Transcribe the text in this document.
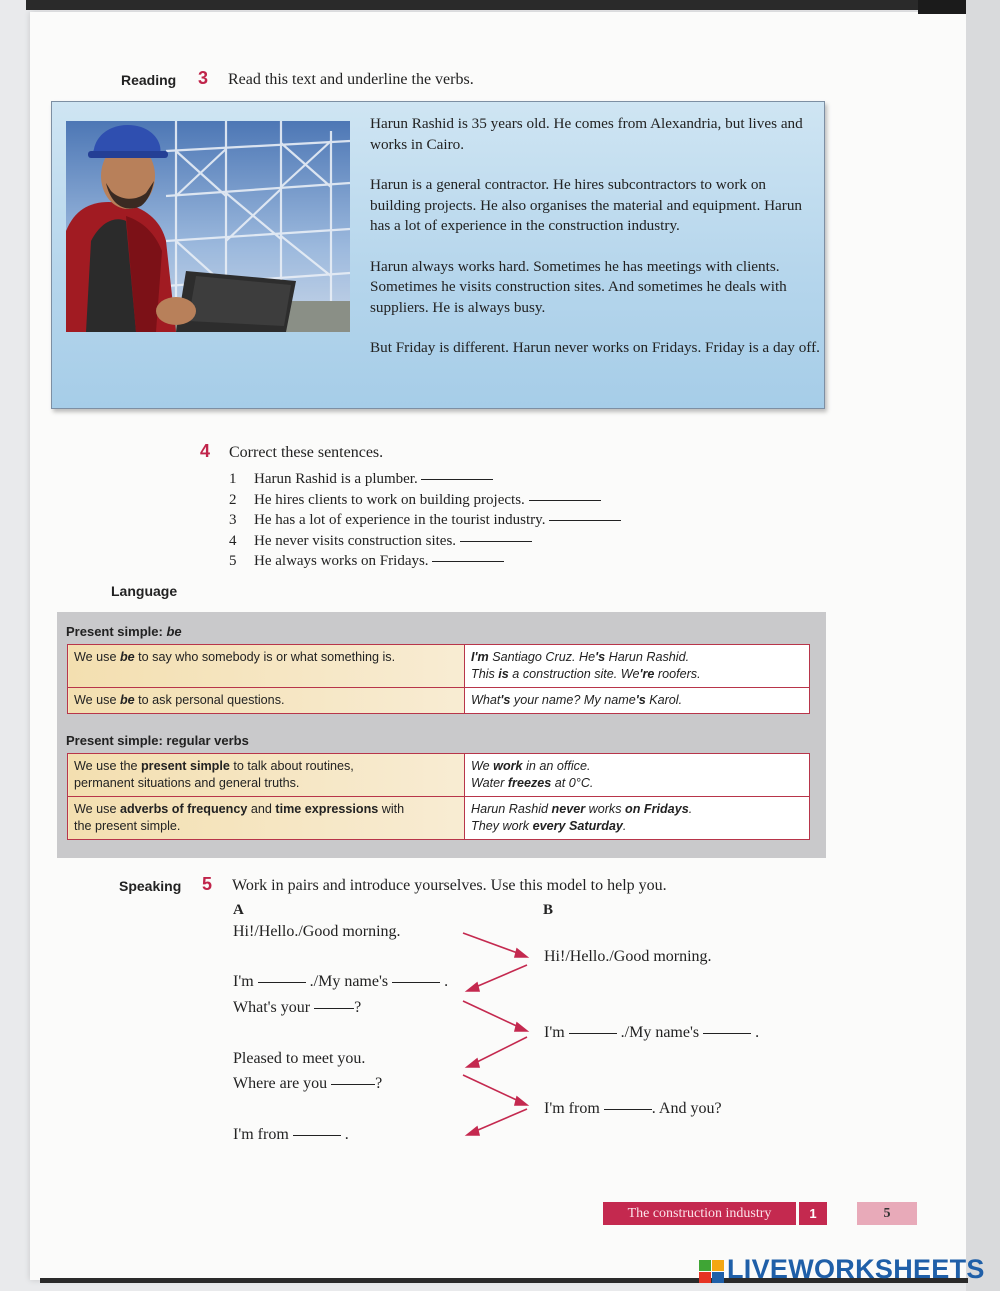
Reading 3 Read this text and underline the verbs.

Harun Rashid is 35 years old. He comes from Alexandria, but lives and works in Cairo.

Harun is a general contractor. He hires subcontractors to work on building projects. He also organises the material and equipment. Harun has a lot of experience in the construction industry.

Harun always works hard. Sometimes he has meetings with clients. Sometimes he visits construction sites. And sometimes he deals with suppliers. He is always busy.

But Friday is different. Harun never works on Fridays. Friday is a day off.

4 Correct these sentences.
1 Harun Rashid is a plumber.
2 He hires clients to work on building projects.
3 He has a lot of experience in the tourist industry.
4 He never visits construction sites.
5 He always works on Fridays.
Language
Present simple: be
We use be to say who somebody is or what something is.	I'm Santiago Cruz. He's Harun Rashid.
This is a construction site. We're roofers.
We use be to ask personal questions.	What's your name? My name's Karol.
Present simple: regular verbs
We use the present simple to talk about routines,
permanent situations and general truths.	We work in an office.
Water freezes at 0°C.
We use adverbs of frequency and time expressions with
the present simple.	Harun Rashid never works on Fridays.
They work every Saturday.
Speaking 5 Work in pairs and introduce yourselves. Use this model to help you.
A	B
Hi!/Hello./Good morning.
Hi!/Hello./Good morning.
I'm	./My name's	.
What's your	?
I'm	./My name's	.
Pleased to meet you.
Where are you	?
I'm from	. And you?
I'm from	.
The construction industry	1	5
LIVEWORKSHEETS
